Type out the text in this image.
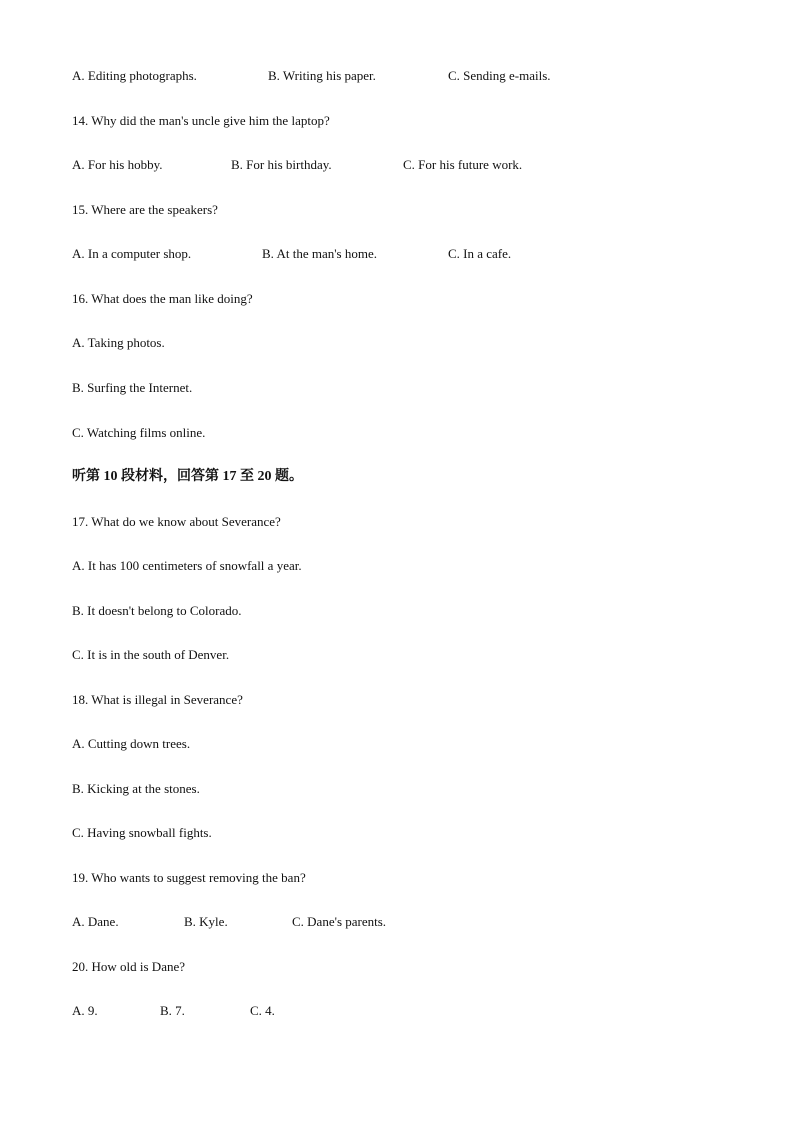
A. Editing photographs.	B. Writing his paper.	C. Sending e-mails.
14. Why did the man's uncle give him the laptop?
A. For his hobby.	B. For his birthday.	C. For his future work.
15. Where are the speakers?
A. In a computer shop.	B. At the man's home.	C. In a cafe.
16. What does the man like doing?
A. Taking photos.
B. Surfing the Internet.
C. Watching films online.
听第 10 段材料，回答第 17 至 20 题。
17. What do we know about Severance?
A. It has 100 centimeters of snowfall a year.
B. It doesn't belong to Colorado.
C. It is in the south of Denver.
18. What is illegal in Severance?
A. Cutting down trees.
B. Kicking at the stones.
C. Having snowball fights.
19. Who wants to suggest removing the ban?
A. Dane.	B. Kyle.	C. Dane's parents.
20. How old is Dane?
A. 9.	B. 7.	C. 4.
